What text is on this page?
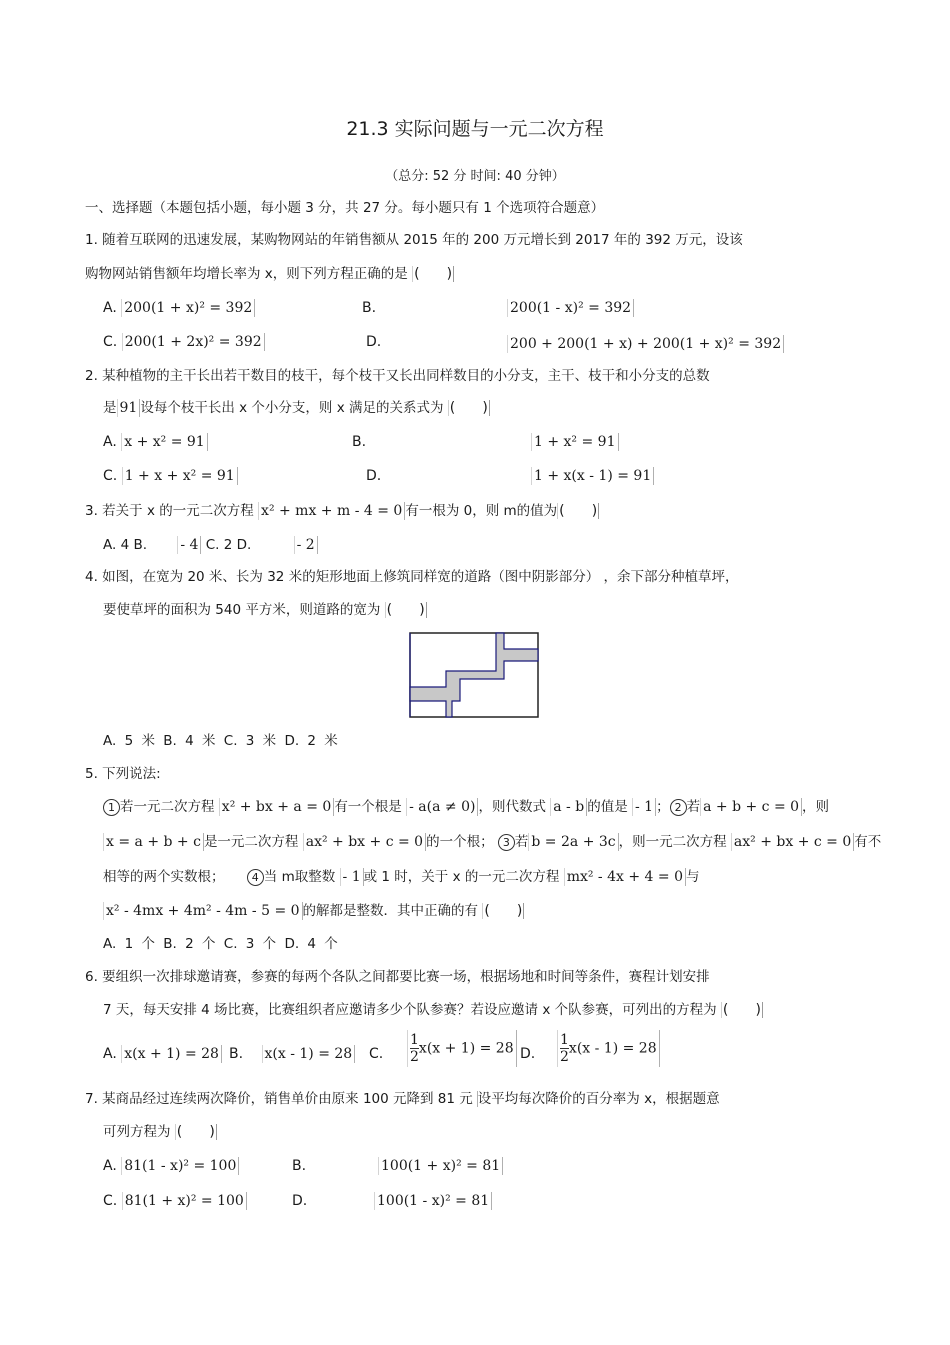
21.3 实际问题与一元二次方程
（总分: 52 分 时间: 40 分钟）
一、选择题（本题包括小题，每小题 3 分，共 27 分。每小题只有 1 个选项符合题意）
1. 随着互联网的迅速发展，某购物网站的年销售额从 2015 年的 200 万元增长到 2017 年的 392 万元，设该
购物网站销售额年均增长率为 x，则下列方程正确的是 ( )
A. 200(1 + x)² = 392	B.	200(1 - x)² = 392
C. 200(1 + 2x)² = 392	D.	200 + 200(1 + x) + 200(1 + x)² = 392
2. 某种植物的主干长出若干数目的枝干，每个枝干又长出同样数目的小分支，主干、枝干和小分支的总数
是 91 设每个枝干长出 x 个小分支，则 x 满足的关系式为 ( )
A. x + x² = 91	B.	1 + x² = 91
C. 1 + x + x² = 91	D.	1 + x(x - 1) = 91
3. 若关于 x 的一元二次方程 x² + mx + m - 4 = 0 有一根为 0，则 m的值为( )
A. 4 B. - 4 C. 2 D.	- 2
4. 如图，在宽为 20 米、长为 32 米的矩形地面上修筑同样宽的道路（图中阴影部分） ，余下部分种植草坪，
要使草坪的面积为 540 平方米，则道路的宽为 ( )
A. 5 米 B. 4 米 C. 3 米 D. 2 米
5. 下列说法:
1 若一元二次方程 x² + bx + a = 0 有一个根是 - a(a ≠ 0) ，则代数式 a - b 的值是 - 1 ； 2 若 a + b + c = 0 ，则
x = a + b + c 是一元二次方程 ax² + bx + c = 0 的一个根； 3 若 b = 2a + 3c ，则一元二次方程 ax² + bx + c = 0 有不
相等的两个实数根； 4 当 m取整数 - 1 或 1 时，关于 x 的一元二次方程 mx² - 4x + 4 = 0 与
x² - 4mx + 4m² - 4m - 5 = 0 的解都是整数．其中正确的有 ( )
A. 1 个 B. 2 个 C. 3 个 D. 4 个
6. 要组织一次排球邀请赛，参赛的每两个各队之间都要比赛一场，根据场地和时间等条件，赛程计划安排
7 天，每天安排 4 场比赛，比赛组织者应邀请多少个队参赛？若设应邀请 x 个队参赛，可列出的方程为 ( )
A. x(x + 1) = 28 B. x(x - 1) = 28 C. $\frac{1}{2} x(x + 1) = 28$ D. $\frac{1}{2} x(x - 1) = 28$
7. 某商品经过连续两次降价，销售单价由原来 100 元降到 81 元 设平均每次降价的百分率为 x，根据题意
可列方程为 ( )
A. 81(1 - x)² = 100	B.	100(1 + x)² = 81
C. 81(1 + x)² = 100	D.	100(1 - x)² = 81
